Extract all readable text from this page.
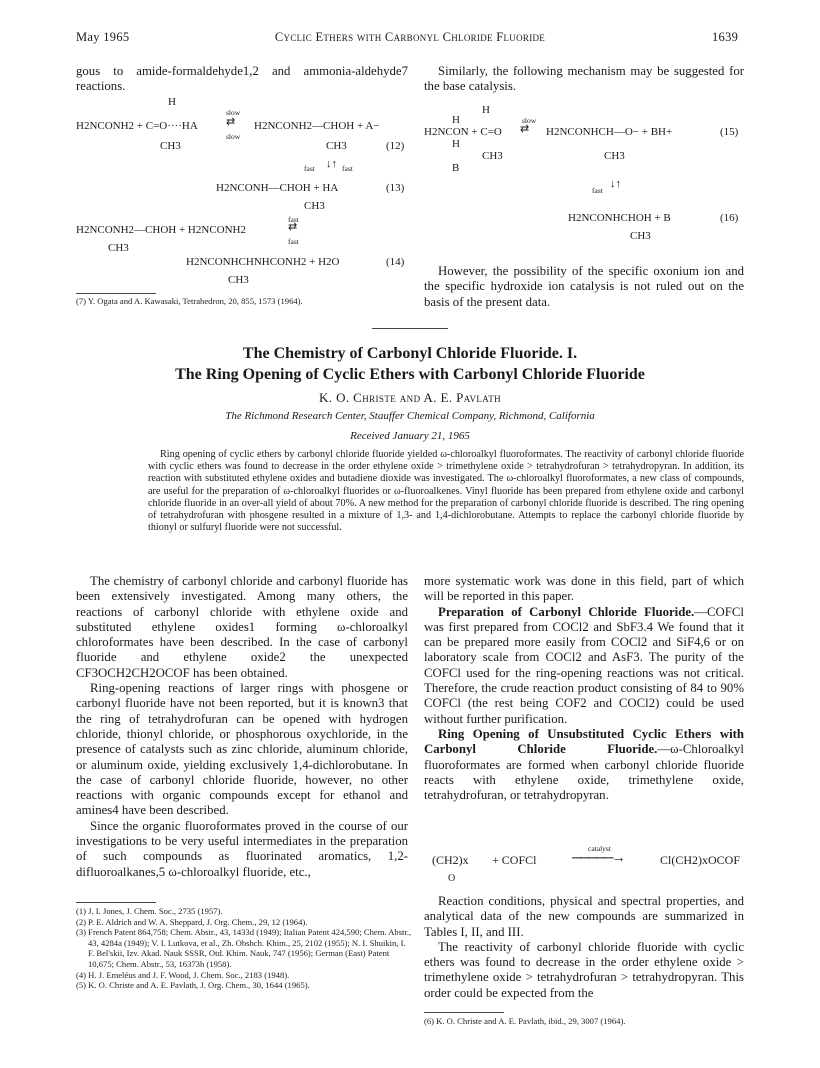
May 1965	Cyclic Ethers with Carbonyl Chloride Fluoride	1639

gous to amide-formaldehyde1,2 and ammonia-aldehyde7 reactions.

H
H2NCONH2 + C=O····HA
slow
⇄
slow
H2NCONH2—CHOH + A−
CH3	CH3	(12)
fast ↓↑ fast
H2NCONH—CHOH + HA	(13)
CH3
fast
H2NCONH2—CHOH + H2NCONH2	⇄
fast
CH3
H2NCONHCHNHCONH2 + H2O	(14)
CH3

(7) Y. Ogata and A. Kawasaki, Tetrahedron, 20, 855, 1573 (1964).

Similarly, the following mechanism may be suggested for the base catalysis.

H
H
H2NCON + C=O
slow
⇄ H2NCONHCH—O− + BH+	(15)
H
CH3	CH3
B
fast
↓↑
H2NCONHCHOH + B	(16)
CH3

However, the possibility of the specific oxonium ion and the specific hydroxide ion catalysis is not ruled out on the basis of the present data.

The Chemistry of Carbonyl Chloride Fluoride. I.
The Ring Opening of Cyclic Ethers with Carbonyl Chloride Fluoride
K. O. Christe and A. E. Pavlath
The Richmond Research Center, Stauffer Chemical Company, Richmond, California
Received January 21, 1965
Ring opening of cyclic ethers by carbonyl chloride fluoride yielded ω-chloroalkyl fluoroformates. The reactivity of carbonyl chloride fluoride with cyclic ethers was found to decrease in the order ethylene oxide > trimethylene oxide > tetrahydrofuran > tetrahydropyran. In addition, its reaction with substituted ethylene oxides and butadiene dioxide was investigated. The ω-chloroalkyl fluoroformates, a new class of compounds, are useful for the preparation of ω-chloroalkyl fluorides or ω-fluoroalkenes. Vinyl fluoride has been prepared from ethylene oxide and carbonyl chloride fluoride in an over-all yield of about 70%. A new method for the preparation of carbonyl chloride fluoride is described. The ring opening of tetrahydrofuran with phosgene resulted in a mixture of 1,3- and 1,4-dichlorobutane. Attempts to replace the carbonyl chloride fluoride by thionyl or sulfuryl fluoride were not successful.

The chemistry of carbonyl chloride and carbonyl fluoride has been extensively investigated. Among many others, the reactions of carbonyl chloride with ethylene oxide and substituted ethylene oxides1 forming ω-chloroalkyl chloroformates have been described. In the case of carbonyl fluoride and ethylene oxide2 the unexpected CF3OCH2CH2OCOF has been obtained.

Ring-opening reactions of larger rings with phosgene or carbonyl fluoride have not been reported, but it is known3 that the ring of tetrahydrofuran can be opened with hydrogen chloride, thionyl chloride, or phosphorous oxychloride, in the presence of catalysts such as zinc chloride, aluminum chloride, or aluminum oxide, yielding exclusively 1,4-dichlorobutane. In the case of carbonyl chloride fluoride, however, no other reactions with organic compounds except for ethanol and amines4 have been described.

Since the organic fluoroformates proved in the course of our investigations to be very useful intermediates in the preparation of such compounds as fluorinated aromatics, 1,2-difluoroalkanes,5 ω-chloroalkyl fluoride, etc.,

(1) J. I. Jones, J. Chem. Soc., 2735 (1957).

(2) P. E. Aldrich and W. A. Sheppard, J. Org. Chem., 29, 12 (1964).

(3) French Patent 864,758; Chem. Abstr., 43, 1433d (1949); Italian Patent 424,590; Chem. Abstr., 43, 4284a (1949); V. I. Lutkova, et al., Zh. Obshch. Khim., 25, 2102 (1955); N. I. Shuikin, I. F. Bel'skii, Izv. Akad. Nauk SSSR, Otd. Khim. Nauk, 747 (1956); German (East) Patent 10,675; Chem. Abstr., 53, 16373h (1958).

(4) H. J. Emeléus and J. F. Wood, J. Chem. Soc., 2183 (1948).

(5) K. O. Christe and A. E. Pavlath, J. Org. Chem., 30, 1644 (1965).

more systematic work was done in this field, part of which will be reported in this paper.

Preparation of Carbonyl Chloride Fluoride.—COFCl was first prepared from COCl2 and SbF3.4 We found that it can be prepared more easily from COCl2 and SiF4,6 or on laboratory scale from COCl2 and AsF3. The purity of the COFCl used for the ring-opening reactions was not critical. Therefore, the crude reaction product consisting of 84 to 90% COFCl (the rest being COF2 and COCl2) could be used without further purification.

Ring Opening of Unsubstituted Cyclic Ethers with Carbonyl Chloride Fluoride.—ω-Chloroalkyl fluoroformates are formed when carbonyl chloride fluoride reacts with ethylene oxide, trimethylene oxide, tetrahydrofuran, or tetrahydropyran.

(CH2)x + COFCl
catalyst
─────→	Cl(CH2)xOCOF
O

Reaction conditions, physical and spectral properties, and analytical data of the new compounds are summarized in Tables I, II, and III.

The reactivity of carbonyl chloride fluoride with cyclic ethers was found to decrease in the order ethylene oxide > trimethylene oxide > tetrahydrofuran > tetrahydropyran. This order could be expected from the

(6) K. O. Christe and A. E. Pavlath, ibid., 29, 3007 (1964).
